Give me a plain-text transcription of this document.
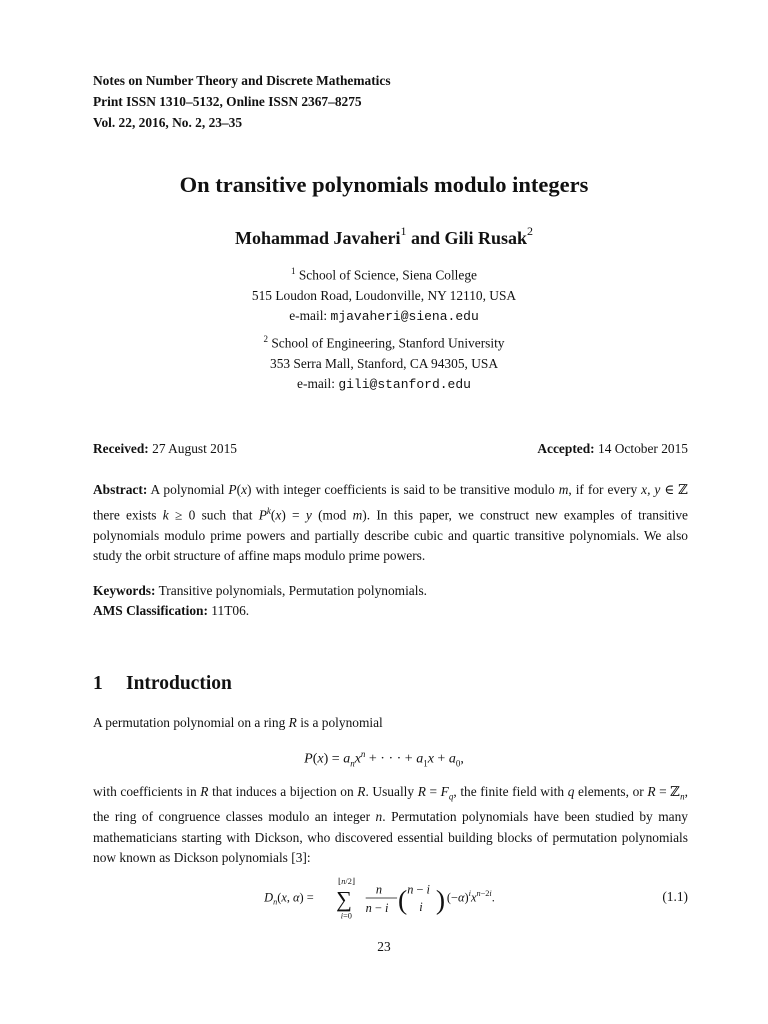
Notes on Number Theory and Discrete Mathematics
Print ISSN 1310–5132, Online ISSN 2367–8275
Vol. 22, 2016, No. 2, 23–35
On transitive polynomials modulo integers
Mohammad Javaheri$^1$ and Gili Rusak$^2$
$^1$ School of Science, Siena College
515 Loudon Road, Loudonville, NY 12110, USA
e-mail: mjavaheri@siena.edu
$^2$ School of Engineering, Stanford University
353 Serra Mall, Stanford, CA 94305, USA
e-mail: gili@stanford.edu
Received: 27 August 2015	Accepted: 14 October 2015
Abstract: A polynomial P(x) with integer coefficients is said to be transitive modulo m, if for every x, y ∈ ℤ there exists k ≥ 0 such that $P^k(x) = y$ (mod m). In this paper, we construct new examples of transitive polynomials modulo prime powers and partially describe cubic and quartic transitive polynomials. We also study the orbit structure of affine maps modulo prime powers.
Keywords: Transitive polynomials, Permutation polynomials.
AMS Classification: 11T06.
1 Introduction
A permutation polynomial on a ring R is a polynomial
$P(x) = a_nx^n$ + · · · + $a_1x + a_0$,
with coefficients in R that induces a bijection on R. Usually $R = F_q$, the finite field with q elements, or R = ℤ$_n$, the ring of congruence classes modulo an integer n. Permutation polynomials have been studied by many mathematicians starting with Dickson, who discovered essential building blocks of permutation polynomials now known as Dickson polynomials [3]:
$D_n(x$, α) =
⌊n/2⌋
∑
i=0
n
n − i ( n − i
i ) $(-\alpha)^ix^n-2i$.	(1.1)
23
